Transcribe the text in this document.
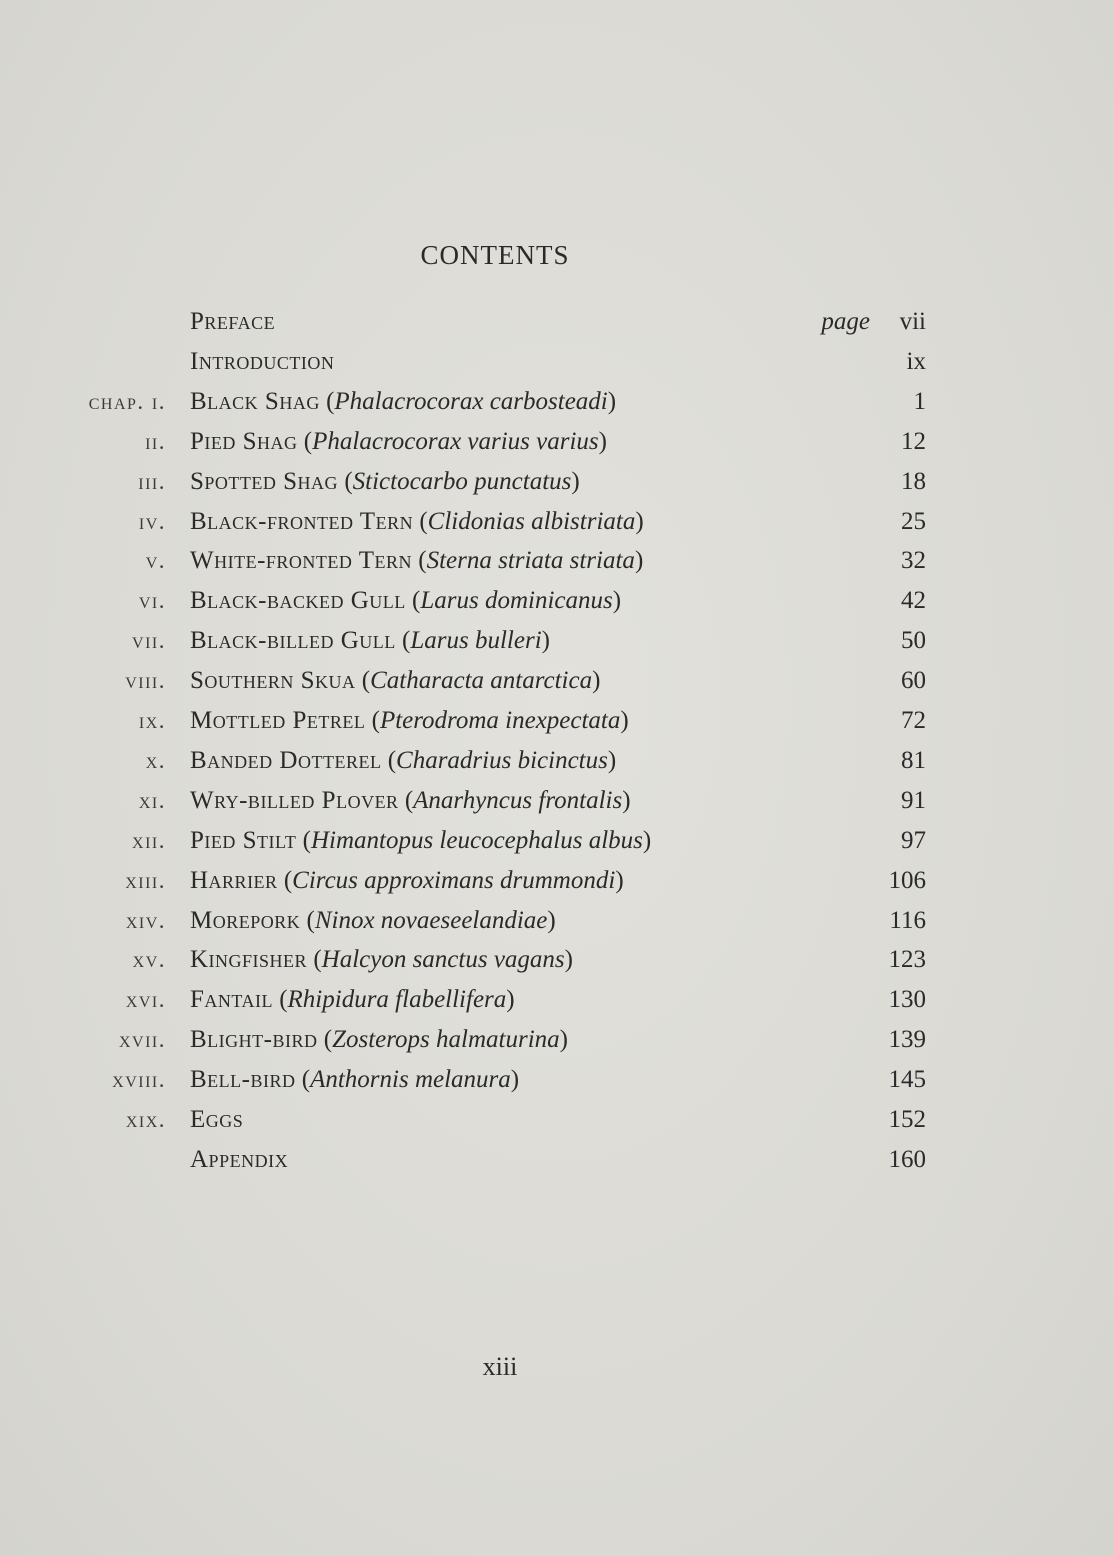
CONTENTS
page
Preface	vii
Introduction	ix
chap. i. Black Shag (Phalacrocorax carbosteadi)	1
ii. Pied Shag (Phalacrocorax varius varius)	12
iii. Spotted Shag (Stictocarbo punctatus)	18
iv. Black-fronted Tern (Clidonias albistriata)	25
v. White-fronted Tern (Sterna striata striata)	32
vi. Black-backed Gull (Larus dominicanus)	42
vii. Black-billed Gull (Larus bulleri)	50
viii. Southern Skua (Catharacta antarctica)	60
ix. Mottled Petrel (Pterodroma inexpectata)	72
x. Banded Dotterel (Charadrius bicinctus)	81
xi. Wry-billed Plover (Anarhyncus frontalis)	91
xii. Pied Stilt (Himantopus leucocephalus albus)	97
xiii. Harrier (Circus approximans drummondi)	106
xiv. Morepork (Ninox novaeseelandiae)	116
xv. Kingfisher (Halcyon sanctus vagans)	123
xvi. Fantail (Rhipidura flabellifera)	130
xvii. Blight-bird (Zosterops halmaturina)	139
xviii. Bell-bird (Anthornis melanura)	145
xix. Eggs	152
Appendix	160
xiii
